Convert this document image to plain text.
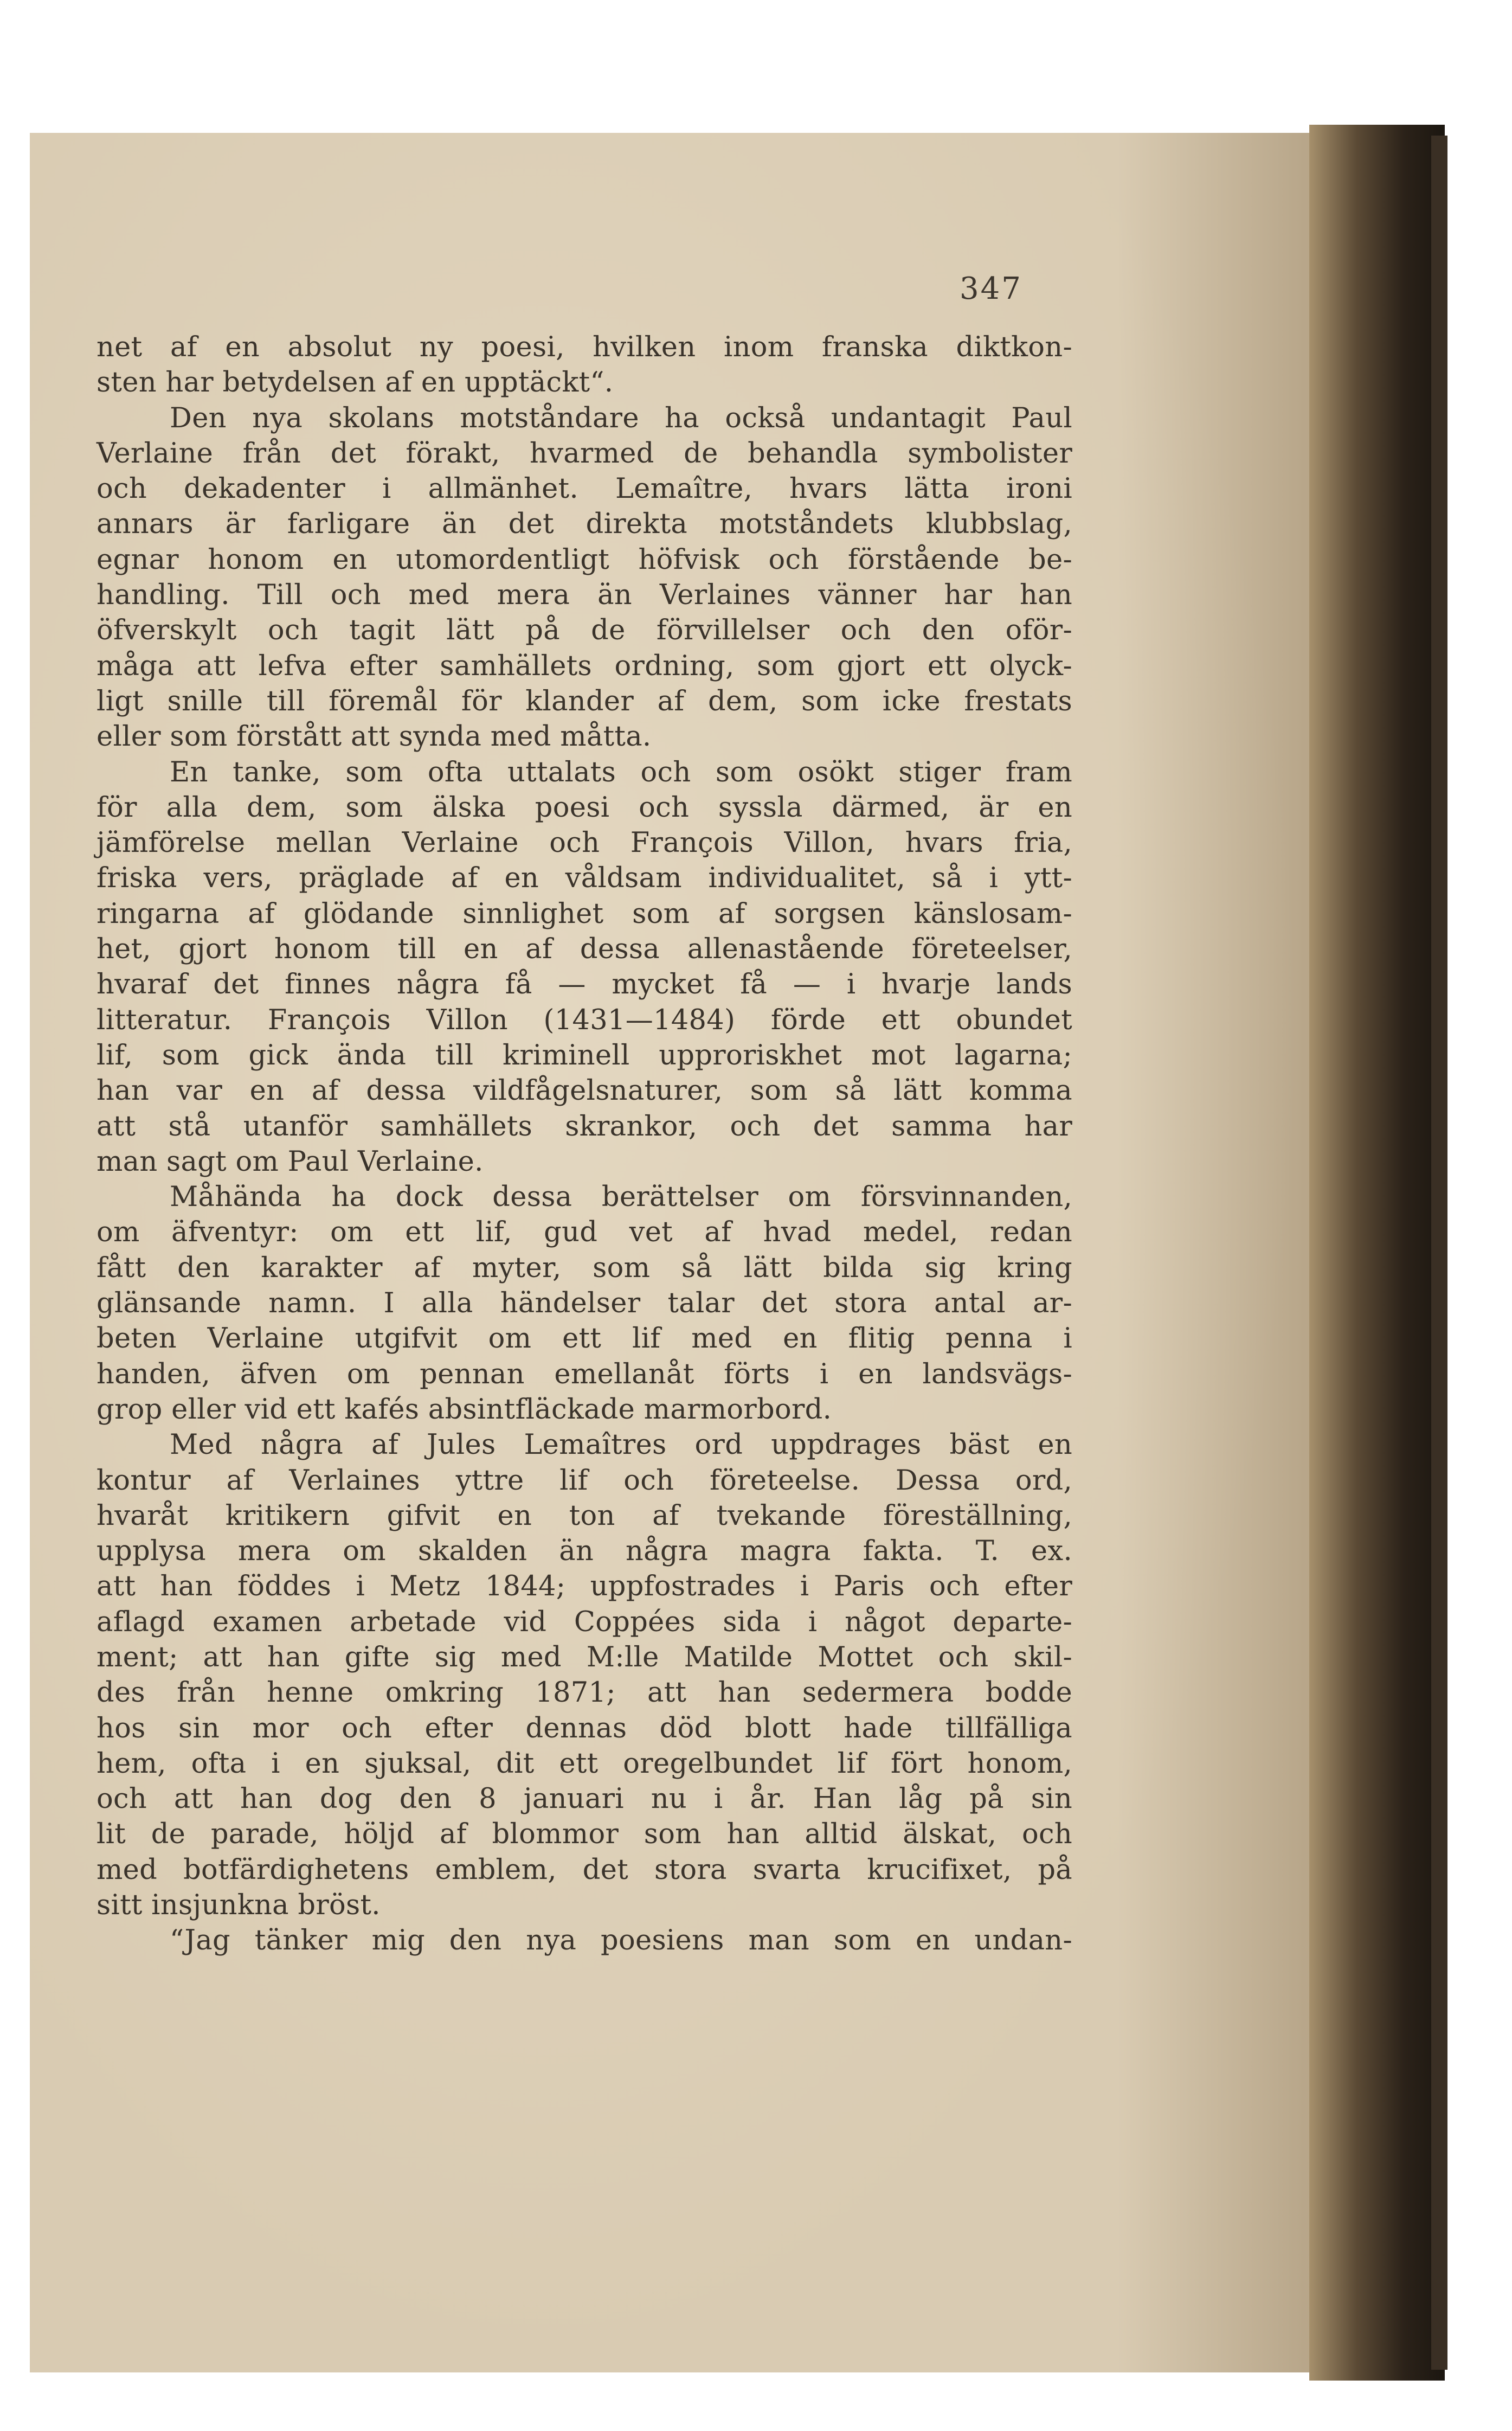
347
net af en absolut ny poesi, hvilken inom franska diktkon-
sten har betydelsen af en upptäckt“.
Den nya skolans motståndare ha också undantagit Paul
Verlaine från det förakt, hvarmed de behandla symbolister
och dekadenter i allmänhet. Lemaître, hvars lätta ironi
annars är farligare än det direkta motståndets klubbslag,
egnar honom en utomordentligt höfvisk och förstående be-
handling. Till och med mera än Verlaines vänner har han
öfverskylt och tagit lätt på de förvillelser och den oför-
måga att lefva efter samhällets ordning, som gjort ett olyck-
ligt snille till föremål för klander af dem, som icke frestats
eller som förstått att synda med måtta.
En tanke, som ofta uttalats och som osökt stiger fram
för alla dem, som älska poesi och syssla därmed, är en
jämförelse mellan Verlaine och François Villon, hvars fria,
friska vers, präglade af en våldsam individualitet, så i ytt-
ringarna af glödande sinnlighet som af sorgsen känslosam-
het, gjort honom till en af dessa allenastående företeelser,
hvaraf det finnes några få — mycket få — i hvarje lands
litteratur. François Villon (1431—1484) förde ett obundet
lif, som gick ända till kriminell upproriskhet mot lagarna;
han var en af dessa vildfågelsnaturer, som så lätt komma
att stå utanför samhällets skrankor, och det samma har
man sagt om Paul Verlaine.
Måhända ha dock dessa berättelser om försvinnanden,
om äfventyr: om ett lif, gud vet af hvad medel, redan
fått den karakter af myter, som så lätt bilda sig kring
glänsande namn. I alla händelser talar det stora antal ar-
beten Verlaine utgifvit om ett lif med en flitig penna i
handen, äfven om pennan emellanåt förts i en landsvägs-
grop eller vid ett kafés absintfläckade marmorbord.
Med några af Jules Lemaîtres ord uppdrages bäst en
kontur af Verlaines yttre lif och företeelse. Dessa ord,
hvaråt kritikern gifvit en ton af tvekande föreställning,
upplysa mera om skalden än några magra fakta. T. ex.
att han föddes i Metz 1844; uppfostrades i Paris och efter
aflagd examen arbetade vid Coppées sida i något departe-
ment; att han gifte sig med M:lle Matilde Mottet och skil-
des från henne omkring 1871; att han sedermera bodde
hos sin mor och efter dennas död blott hade tillfälliga
hem, ofta i en sjuksal, dit ett oregelbundet lif fört honom,
och att han dog den 8 januari nu i år. Han låg på sin
lit de parade, höljd af blommor som han alltid älskat, och
med botfärdighetens emblem, det stora svarta krucifixet, på
sitt insjunkna bröst.
“Jag tänker mig den nya poesiens man som en undan-
